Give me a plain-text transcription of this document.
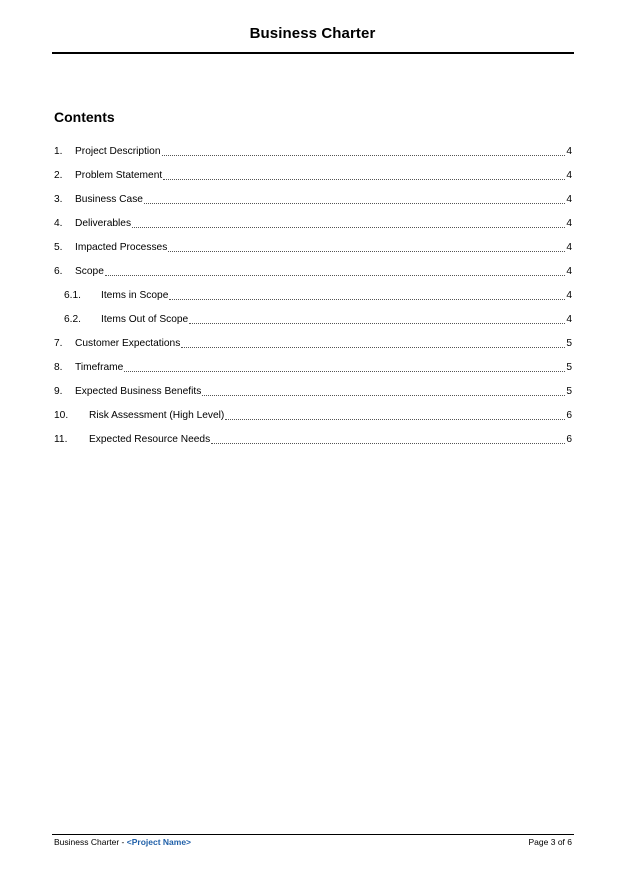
Business Charter
Contents
1.	Project Description	4
2.	Problem Statement	4
3.	Business Case	4
4.	Deliverables	4
5.	Impacted Processes	4
6.	Scope	4
6.1.	Items in Scope	4
6.2.	Items Out of Scope	4
7.	Customer Expectations	5
8.	Timeframe	5
9.	Expected Business Benefits	5
10.	Risk Assessment (High Level)	6
11.	Expected Resource Needs	6
Business Charter - <Project Name>	Page 3 of 6
